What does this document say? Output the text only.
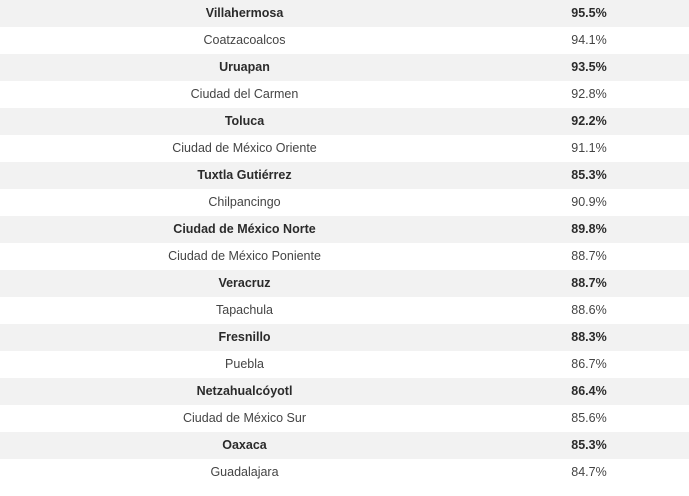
Villahermosa	95.5%
Coatzacoalcos	94.1%
Uruapan	93.5%
Ciudad del Carmen	92.8%
Toluca	92.2%
Ciudad de México Oriente	91.1%
Tuxtla Gutiérrez	85.3%
Chilpancingo	90.9%
Ciudad de México Norte	89.8%
Ciudad de México Poniente	88.7%
Veracruz	88.7%
Tapachula	88.6%
Fresnillo	88.3%
Puebla	86.7%
Netzahualcóyotl	86.4%
Ciudad de México Sur	85.6%
Oaxaca	85.3%
Guadalajara	84.7%
